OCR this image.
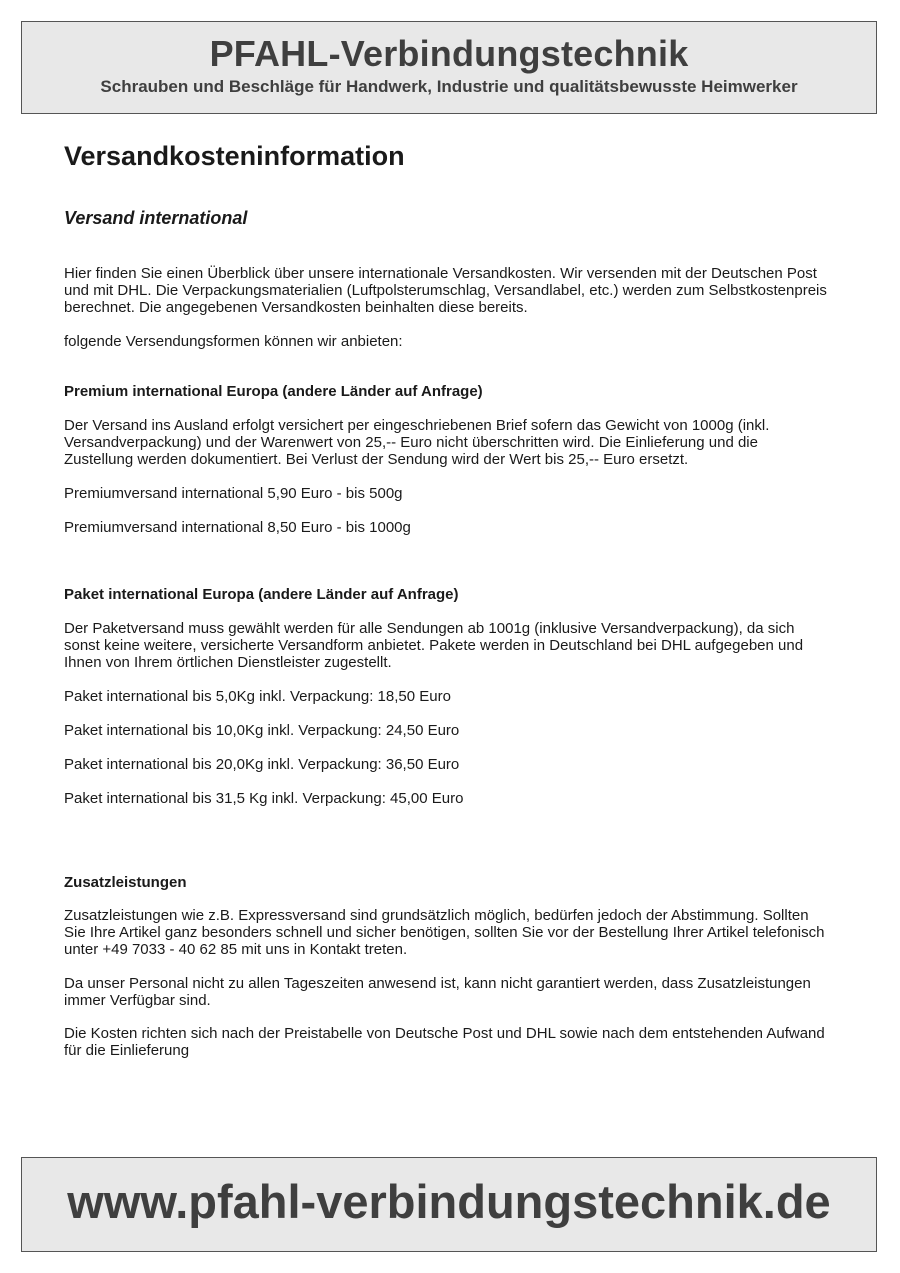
PFAHL-Verbindungstechnik

Schrauben und Beschläge für Handwerk, Industrie und qualitätsbewusste Heimwerker

Versandkosteninformation
Versand international
Hier finden Sie einen Überblick über unsere internationale Versandkosten. Wir versenden mit der Deutschen Post
und mit DHL. Die Verpackungsmaterialien (Luftpolsterumschlag, Versandlabel, etc.) werden zum Selbstkostenpreis
berechnet. Die angegebenen Versandkosten beinhalten diese bereits.

folgende Versendungsformen können wir anbieten:

Premium international Europa (andere Länder auf Anfrage)
Der Versand ins Ausland erfolgt versichert per eingeschriebenen Brief sofern das Gewicht von 1000g (inkl.
Versandverpackung) und der Warenwert von 25,-- Euro nicht überschritten wird. Die Einlieferung und die
Zustellung werden dokumentiert. Bei Verlust der Sendung wird der Wert bis 25,-- Euro ersetzt.

Premiumversand international 5,90 Euro - bis 500g

Premiumversand international 8,50 Euro - bis 1000g

Paket international Europa (andere Länder auf Anfrage)
Der Paketversand muss gewählt werden für alle Sendungen ab 1001g (inklusive Versandverpackung), da sich
sonst keine weitere, versicherte Versandform anbietet. Pakete werden in Deutschland bei DHL aufgegeben und
Ihnen von Ihrem örtlichen Dienstleister zugestellt.

Paket international bis 5,0Kg inkl. Verpackung: 18,50 Euro

Paket international bis 10,0Kg inkl. Verpackung: 24,50 Euro

Paket international bis 20,0Kg inkl. Verpackung: 36,50 Euro

Paket international bis 31,5 Kg inkl. Verpackung: 45,00 Euro

Zusatzleistungen
Zusatzleistungen wie z.B. Expressversand sind grundsätzlich möglich, bedürfen jedoch der Abstimmung. Sollten
Sie Ihre Artikel ganz besonders schnell und sicher benötigen, sollten Sie vor der Bestellung Ihrer Artikel telefonisch
unter +49 7033 - 40 62 85 mit uns in Kontakt treten.
Da unser Personal nicht zu allen Tageszeiten anwesend ist, kann nicht garantiert werden, dass Zusatzleistungen
immer Verfügbar sind.
Die Kosten richten sich nach der Preistabelle von Deutsche Post und DHL sowie nach dem entstehenden Aufwand
für die Einlieferung

www.pfahl-verbindungstechnik.de
